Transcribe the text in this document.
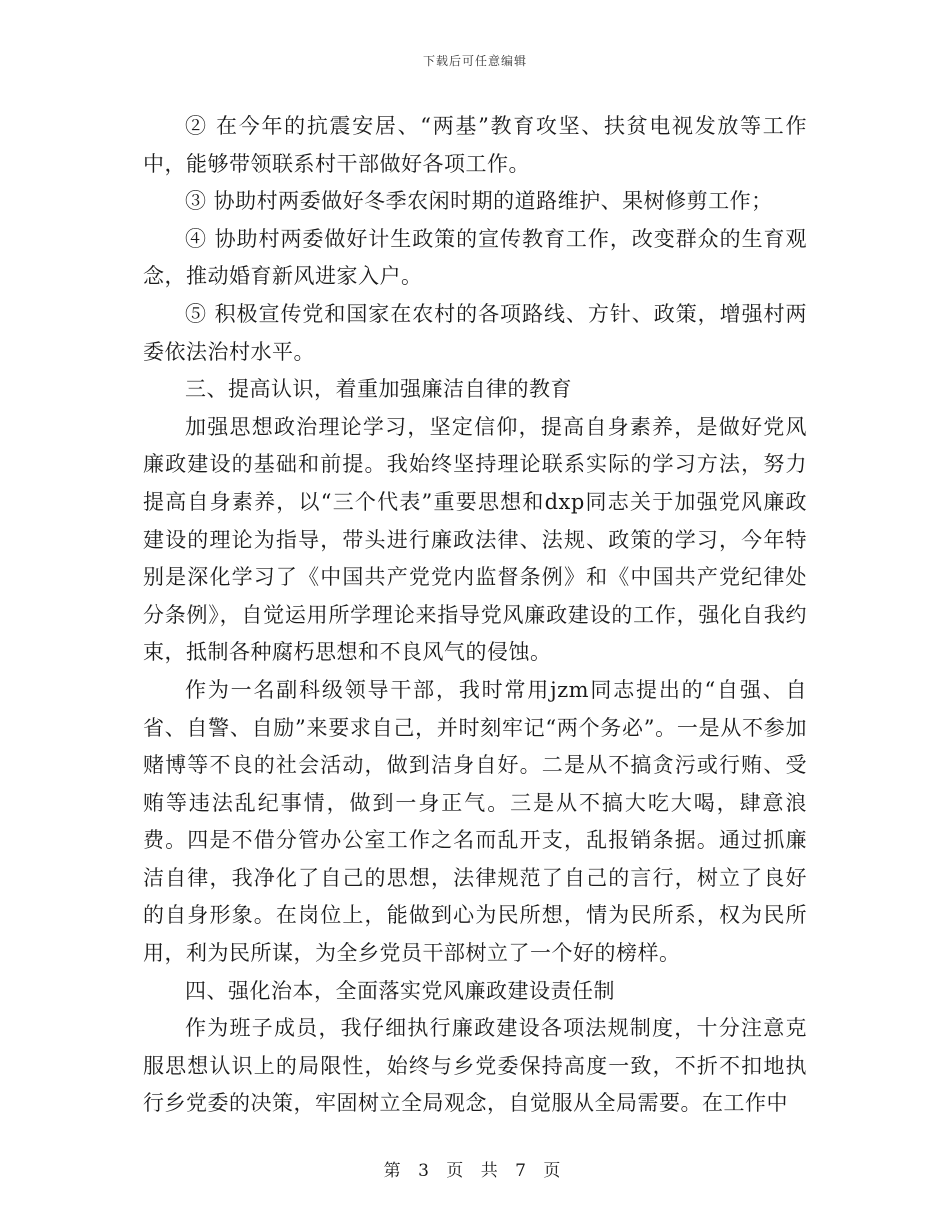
下载后可任意编辑

② 在今年的抗震安居、“两基”教育攻坚、扶贫电视发放等工作中，能够带领联系村干部做好各项工作。

③ 协助村两委做好冬季农闲时期的道路维护、果树修剪工作；

④ 协助村两委做好计生政策的宣传教育工作，改变群众的生育观念，推动婚育新风进家入户。

⑤ 积极宣传党和国家在农村的各项路线、方针、政策，增强村两委依法治村水平。

三、提高认识，着重加强廉洁自律的教育

加强思想政治理论学习，坚定信仰，提高自身素养，是做好党风廉政建设的基础和前提。我始终坚持理论联系实际的学习方法，努力提高自身素养，以“三个代表”重要思想和dxp同志关于加强党风廉政建设的理论为指导，带头进行廉政法律、法规、政策的学习，今年特别是深化学习了《中国共产党党内监督条例》和《中国共产党纪律处分条例》，自觉运用所学理论来指导党风廉政建设的工作，强化自我约束，抵制各种腐朽思想和不良风气的侵蚀。

作为一名副科级领导干部，我时常用jzm同志提出的“自强、自省、自警、自励”来要求自己，并时刻牢记“两个务必”。一是从不参加赌博等不良的社会活动，做到洁身自好。二是从不搞贪污或行贿、受贿等违法乱纪事情，做到一身正气。三是从不搞大吃大喝，肆意浪费。四是不借分管办公室工作之名而乱开支，乱报销条据。通过抓廉洁自律，我净化了自己的思想，法律规范了自己的言行，树立了良好的自身形象。在岗位上，能做到心为民所想，情为民所系，权为民所用，利为民所谋，为全乡党员干部树立了一个好的榜样。

四、强化治本，全面落实党风廉政建设责任制

作为班子成员，我仔细执行廉政建设各项法规制度，十分注意克服思想认识上的局限性，始终与乡党委保持高度一致，不折不扣地执行乡党委的决策，牢固树立全局观念，自觉服从全局需要。在工作中

第 3 页 共 7 页
